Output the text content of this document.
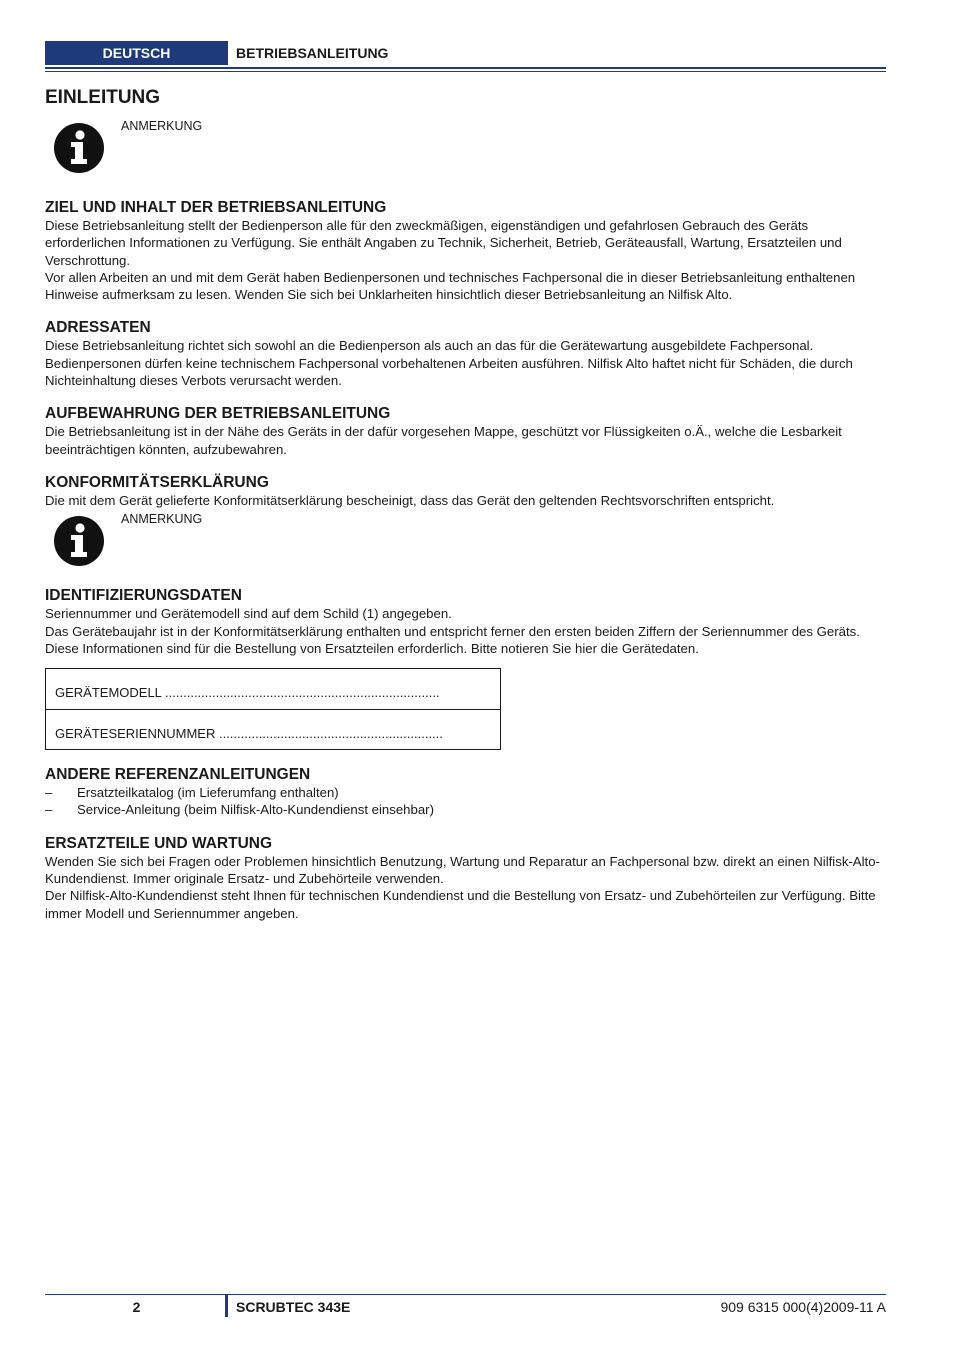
DEUTSCH	BETRIEBSANLEITUNG
EINLEITUNG
ANMERKUNG
ZIEL UND INHALT DER BETRIEBSANLEITUNG

Diese Betriebsanleitung stellt der Bedienperson alle für den zweckmäßigen, eigenständigen und gefahrlosen Gebrauch des Geräts erforderlichen Informationen zu Verfügung. Sie enthält Angaben zu Technik, Sicherheit, Betrieb, Geräteausfall, Wartung, Ersatzteilen und Verschrottung.

Vor allen Arbeiten an und mit dem Gerät haben Bedienpersonen und technisches Fachpersonal die in dieser Betriebsanleitung enthaltenen Hinweise aufmerksam zu lesen. Wenden Sie sich bei Unklarheiten hinsichtlich dieser Betriebsanleitung an Nilfisk Alto.

ADRESSATEN

Diese Betriebsanleitung richtet sich sowohl an die Bedienperson als auch an das für die Gerätewartung ausgebildete Fachpersonal. Bedienpersonen dürfen keine technischem Fachpersonal vorbehaltenen Arbeiten ausführen. Nilfisk Alto haftet nicht für Schäden, die durch Nichteinhaltung dieses Verbots verursacht werden.

AUFBEWAHRUNG DER BETRIEBSANLEITUNG

Die Betriebsanleitung ist in der Nähe des Geräts in der dafür vorgesehen Mappe, geschützt vor Flüssigkeiten o.Ä., welche die Lesbarkeit beeinträchtigen könnten, aufzubewahren.

KONFORMITÄTSERKLÄRUNG

Die mit dem Gerät gelieferte Konformitätserklärung bescheinigt, dass das Gerät den geltenden Rechtsvorschriften entspricht.

ANMERKUNG
IDENTIFIZIERUNGSDATEN

Seriennummer und Gerätemodell sind auf dem Schild (1) angegeben.

Das Gerätebaujahr ist in der Konformitätserklärung enthalten und entspricht ferner den ersten beiden Ziffern der Seriennummer des Geräts.

Diese Informationen sind für die Bestellung von Ersatzteilen erforderlich. Bitte notieren Sie hier die Gerätedaten.

GERÄTEMODELL ............................................................................
GERÄTESERIENNUMMER ..............................................................
ANDERE REFERENZANLEITUNGEN
–	Ersatzteilkatalog (im Lieferumfang enthalten)
–	Service-Anleitung (beim Nilfisk-Alto-Kundendienst einsehbar)
ERSATZTEILE UND WARTUNG

Wenden Sie sich bei Fragen oder Problemen hinsichtlich Benutzung, Wartung und Reparatur an Fachpersonal bzw. direkt an einen Nilfisk-Alto-Kundendienst. Immer originale Ersatz- und Zubehörteile verwenden.

Der Nilfisk-Alto-Kundendienst steht Ihnen für technischen Kundendienst und die Bestellung von Ersatz- und Zubehörteilen zur Verfügung. Bitte immer Modell und Seriennummer angeben.

2	SCRUBTEC 343E	909 6315 000(4)2009-11 A
